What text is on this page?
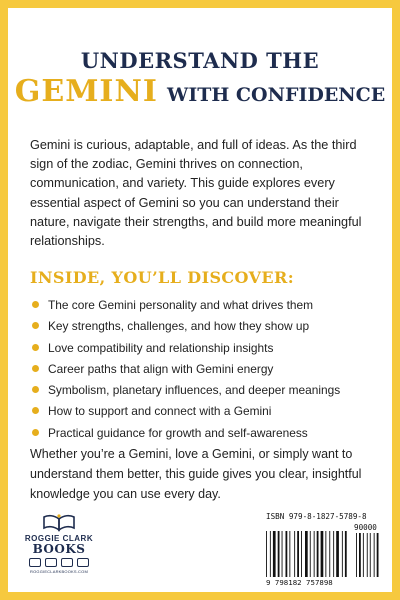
UNDERSTAND THE
GEMINI WITH CONFIDENCE

Gemini is curious, adaptable, and full of ideas. As the third sign of the zodiac, Gemini thrives on connection, communication, and variety. This guide explores every essential aspect of Gemini so you can understand their nature, navigate their strengths, and build more meaningful relationships.

INSIDE, YOU’LL DISCOVER:
The core Gemini personality and what drives them
Key strengths, challenges, and how they show up
Love compatibility and relationship insights
Career paths that align with Gemini energy
Symbolism, planetary influences, and deeper meanings
How to support and connect with a Gemini
Practical guidance for growth and self-awareness

Whether you’re a Gemini, love a Gemini, or simply want to understand them better, this guide gives you clear, insightful knowledge you can use every day.

ROGGIE CLARK
BOOKS
ROGGIECLARKBOOKS.COM
ISBN 979-8-1827-5789-8
90000
9 798182 757898
